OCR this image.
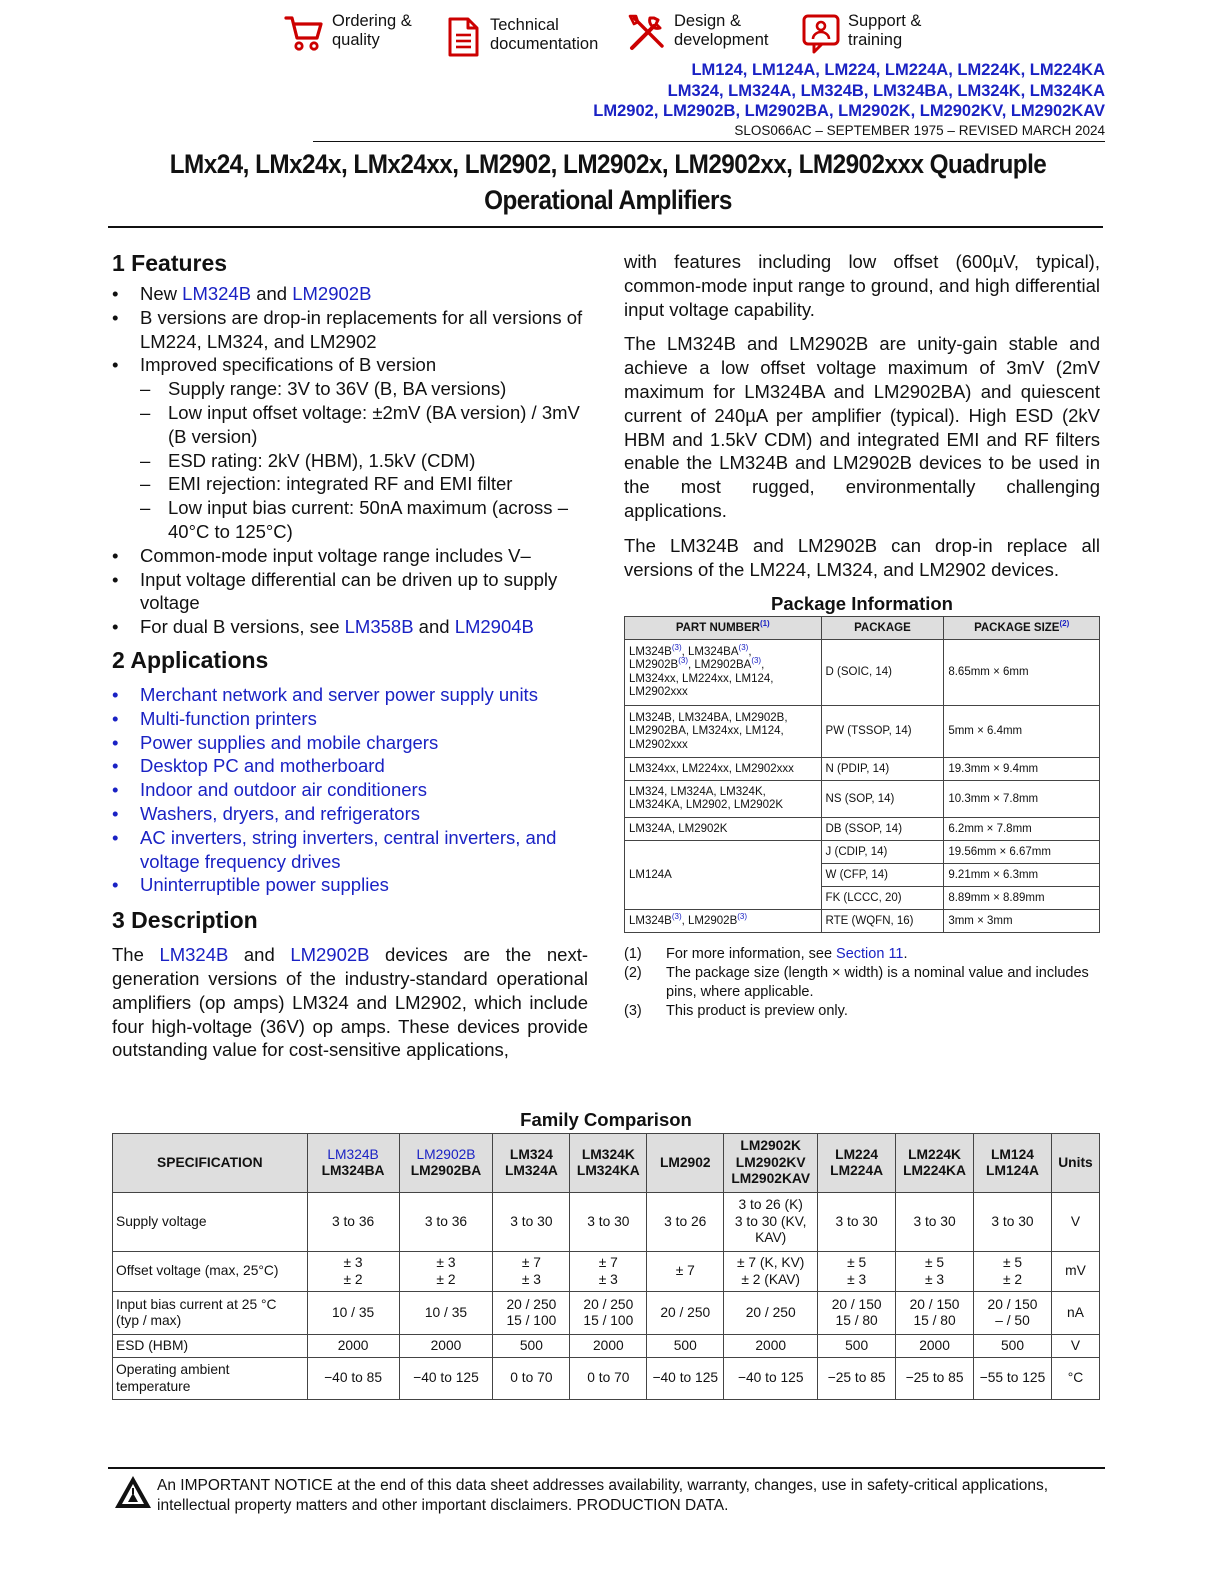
Ordering &
quality
Technical
documentation
Design &
development
Support &
training
LM124, LM124A, LM224, LM224A, LM224K, LM224KA
LM324, LM324A, LM324B, LM324BA, LM324K, LM324KA
LM2902, LM2902B, LM2902BA, LM2902K, LM2902KV, LM2902KAV
SLOS066AC – SEPTEMBER 1975 – REVISED MARCH 2024
LMx24, LMx24x, LMx24xx, LM2902, LM2902x, LM2902xx, LM2902xxx Quadruple
Operational Amplifiers
1 Features
• New LM324B and LM2902B
• B versions are drop-in replacements for all versions of LM224, LM324, and LM2902
• Improved specifications of B version
– Supply range: 3V to 36V (B, BA versions)
– Low input offset voltage: ±2mV (BA version) / 3mV (B version)
– ESD rating: 2kV (HBM), 1.5kV (CDM)
– EMI rejection: integrated RF and EMI filter
– Low input bias current: 50nA maximum (across –40°C to 125°C)
• Common-mode input voltage range includes V–
• Input voltage differential can be driven up to supply voltage
• For dual B versions, see LM358B and LM2904B
2 Applications
• Merchant network and server power supply units
• Multi-function printers
• Power supplies and mobile chargers
• Desktop PC and motherboard
• Indoor and outdoor air conditioners
• Washers, dryers, and refrigerators
• AC inverters, string inverters, central inverters, and voltage frequency drives
• Uninterruptible power supplies
3 Description

The LM324B and LM2902B devices are the next-generation versions of the industry-standard operational amplifiers (op amps) LM324 and LM2902, which include four high-voltage (36V) op amps. These devices provide outstanding value for cost-sensitive applications,

with features including low offset (600µV, typical), common-mode input range to ground, and high differential input voltage capability.

The LM324B and LM2902B are unity-gain stable and achieve a low offset voltage maximum of 3mV (2mV maximum for LM324BA and LM2902BA) and quiescent current of 240µA per amplifier (typical). High ESD (2kV HBM and 1.5kV CDM) and integrated EMI and RF filters enable the LM324B and LM2902B devices to be used in the most rugged, environmentally challenging applications.

The LM324B and LM2902B can drop-in replace all versions of the LM224, LM324, and LM2902 devices.

Package Information
PART NUMBER$^{(1)}$	PACKAGE	PACKAGE SIZE$^{(2)}$
$LM324B^{(3)}$, LM324BA$^{(3)}$,
$LM2902B^{(3)}$, LM2902BA$^{(3)}$,
LM324xx, LM224xx, LM124,
LM2902xxx	D (SOIC, 14)	8.65mm × 6mm
LM324B, LM324BA, LM2902B,
LM2902BA, LM324xx, LM124,
LM2902xxx	PW (TSSOP, 14)	5mm × 6.4mm
LM324xx, LM224xx, LM2902xxx	N (PDIP, 14)	19.3mm × 9.4mm
LM324, LM324A, LM324K,
LM324KA, LM2902, LM2902K	NS (SOP, 14)	10.3mm × 7.8mm
LM324A, LM2902K	DB (SSOP, 14)	6.2mm × 7.8mm
LM124A	J (CDIP, 14)	19.56mm × 6.67mm
	W (CFP, 14)	9.21mm × 6.3mm
	FK (LCCC, 20)	8.89mm × 8.89mm
$LM324B^{(3)}$, $LM2902B^{(3)}$	RTE (WQFN, 16)	3mm × 3mm
(1) For more information, see Section 11.
(2) The package size (length × width) is a nominal value and includes pins, where applicable.
(3) This product is preview only.
Family Comparison
SPECIFICATION	LM324B
LM324BA	LM2902B
LM2902BA	LM324
LM324A	LM324K
LM324KA	LM2902	LM2902K
LM2902KV
LM2902KAV	LM224
LM224A	LM224K
LM224KA	LM124
LM124A	Units

Supply voltage	3 to 36	3 to 36	3 to 30	3 to 30	3 to 26	3 to 26 (K)
3 to 30 (KV,
KAV)	3 to 30	3 to 30	3 to 30	V

Offset voltage (max, 25°C)	± 3
± 2	± 3
± 2	± 7
± 3	± 7
± 3	± 7	± 7 (K, KV)
± 2 (KAV)	± 5
± 3	± 5
± 3	± 5
± 2	mV

Input bias current at 25 °C
(typ / max)	10 / 35	10 / 35	20 / 250
15 / 100	20 / 250
15 / 100	20 / 250	20 / 250	20 / 150
15 / 80	20 / 150
15 / 80	20 / 150
– / 50	nA

ESD (HBM)	2000	2000	500	2000	500	2000	500	2000	500	V

Operating ambient
temperature	−40 to 85	−40 to 125	0 to 70	0 to 70	−40 to 125	−40 to 125	−25 to 85	−25 to 85	−55 to 125	°C
An IMPORTANT NOTICE at the end of this data sheet addresses availability, warranty, changes, use in safety-critical applications,
intellectual property matters and other important disclaimers. PRODUCTION DATA.
